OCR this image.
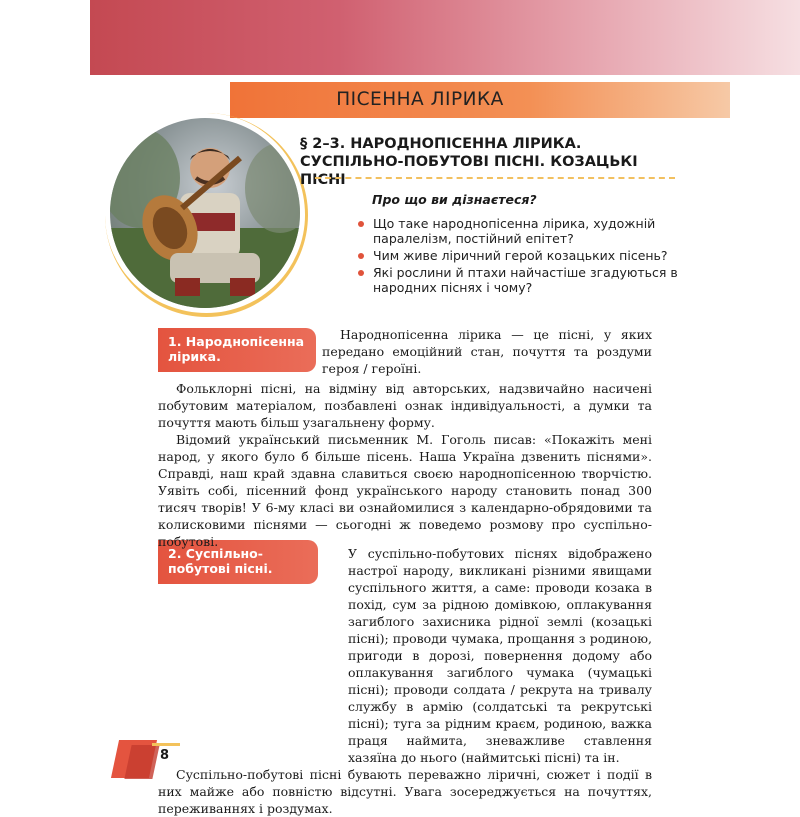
ПІСЕННА ЛІРИКА
§ 2–3. НАРОДНОПІСЕННА ЛІРИКА. СУСПІЛЬНО-ПОБУТОВІ ПІСНІ. КОЗАЦЬКІ ПІСНІ
Про що ви дізнаєтеся?
Що таке народнопісенна лірика, художній паралелізм, постійний епітет?
Чим живе ліричний герой козацьких пісень?
Які рослини й птахи найчастіше згадуються в народних піснях і чому?
1. Народнопісенна лірика.
2. Суспільно-побутові пісні.
Народнопісенна лірика — це пісні, у яких передано емоційний стан, почуття та роздуми героя / героїні.
Фольклорні пісні, на відміну від авторських, надзвичайно насичені побутовим матеріалом, позбавлені ознак індивідуальності, а думки та почуття мають більш узагальнену форму.
Відомий український письменник М. Гоголь писав: «Покажіть мені народ, у якого було б більше пісень. Наша Україна дзвенить піснями». Справді, наш край здавна славиться своєю народнопісенною творчістю. Уявіть собі, пісенний фонд українського народу становить понад 300 тисяч творів! У 6-му класі ви ознайомилися з календарно-обрядовими та колисковими піснями — сьогодні ж поведемо розмову про суспільно-побутові.
У суспільно-побутових піснях відображено настрої народу, викликані різними явищами суспільного життя, а саме: проводи козака в похід, сум за рідною домівкою, оплакування загиблого захисника рідної землі (козацькі пісні); проводи чумака, прощання з родиною, пригоди в дорозі, повернення додому або оплакування загиблого чумака (чумацькі пісні); проводи солдата / рекрута на тривалу службу в армію (солдатські та рекрутські пісні); туга за рідним краєм, родиною, важка праця наймита, зневажливе ставлення хазяїна до нього (наймитські пісні) та ін.
Суспільно-побутові пісні бувають переважно ліричні, сюжет і події в них майже або повністю відсутні. Увага зосереджується на почуттях, переживаннях і роздумах.
8
